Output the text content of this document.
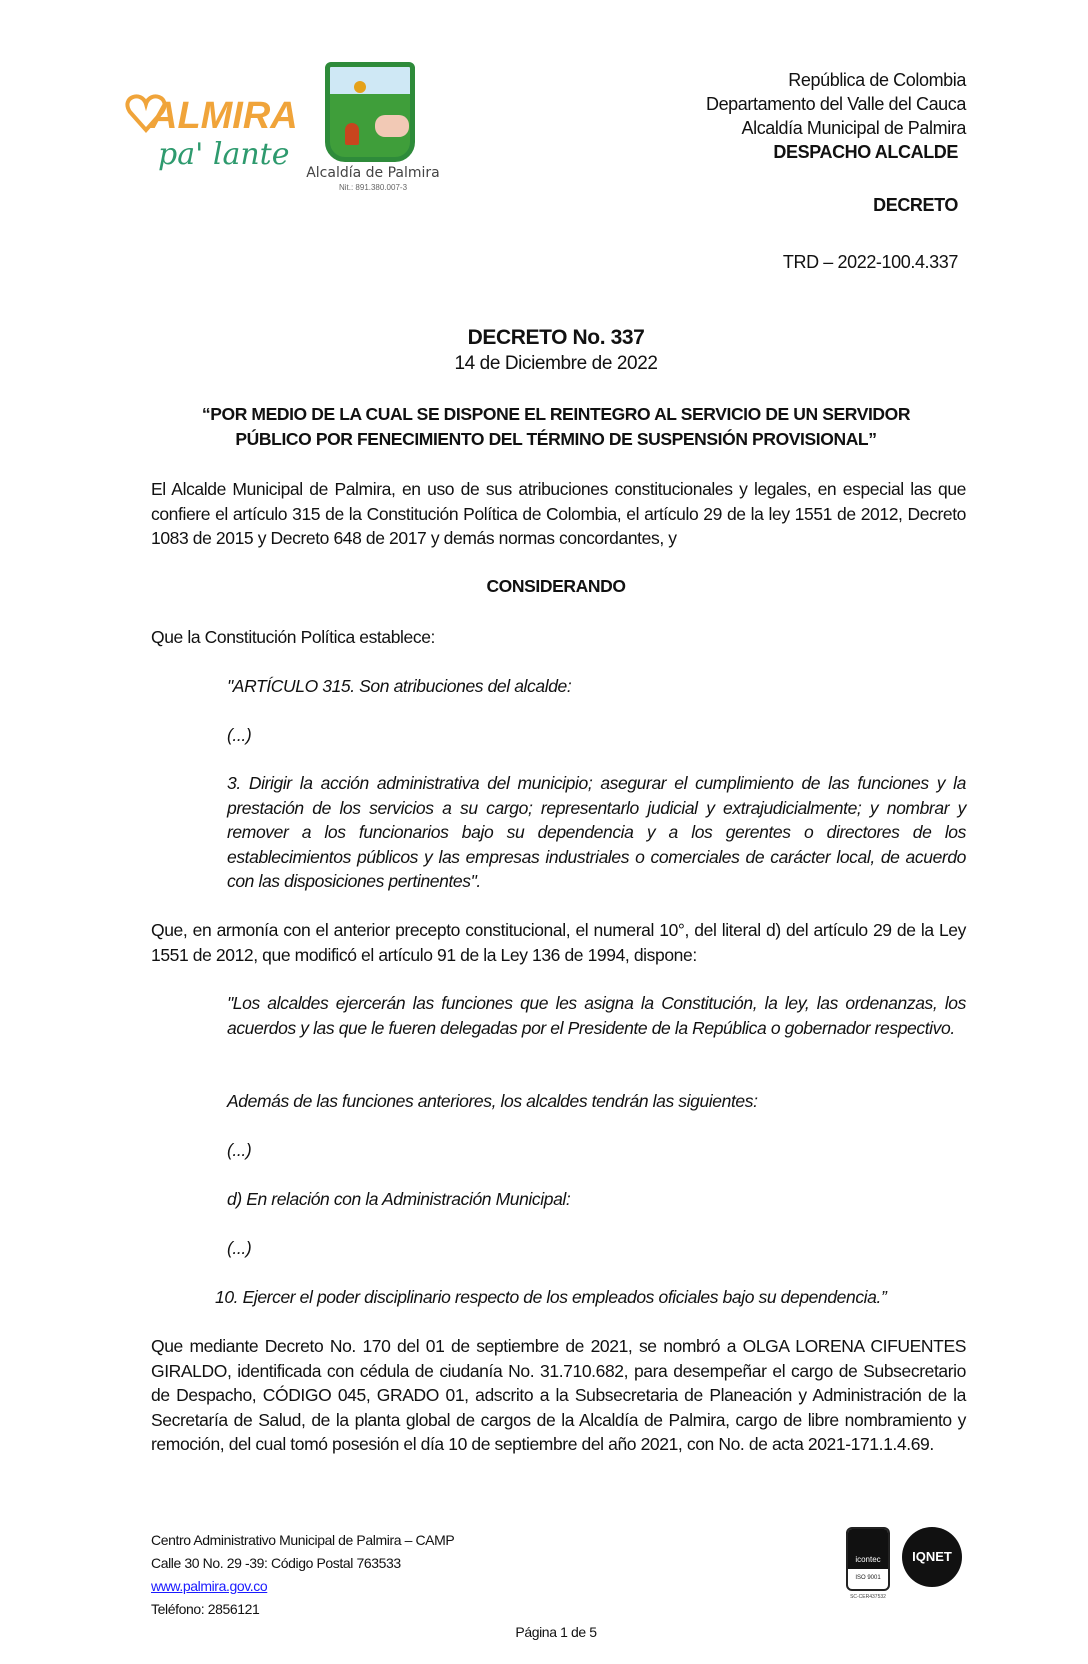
ALMIRA
pa' lante
Alcaldía de Palmira
Nit.: 891.380.007-3
República de Colombia
Departamento del Valle del Cauca
Alcaldía Municipal de Palmira
DESPACHO ALCALDE
DECRETO
TRD – 2022-100.4.337
DECRETO No. 337
14 de Diciembre de 2022
“POR MEDIO DE LA CUAL SE DISPONE EL REINTEGRO AL SERVICIO DE UN SERVIDOR
PÚBLICO POR FENECIMIENTO DEL TÉRMINO DE SUSPENSIÓN PROVISIONAL”
El Alcalde Municipal de Palmira, en uso de sus atribuciones constitucionales y legales, en especial las que confiere el artículo 315 de la Constitución Política de Colombia, el artículo 29 de la ley 1551 de 2012, Decreto 1083 de 2015 y Decreto 648 de 2017 y demás normas concordantes, y
CONSIDERANDO
Que la Constitución Política establece:
"ARTÍCULO 315. Son atribuciones del alcalde:
(...)
3. Dirigir la acción administrativa del municipio; asegurar el cumplimiento de las funciones y la prestación de los servicios a su cargo; representarlo judicial y extrajudicialmente; y nombrar y remover a los funcionarios bajo su dependencia y a los gerentes o directores de los establecimientos públicos y las empresas industriales o comerciales de carácter local, de acuerdo con las disposiciones pertinentes".
Que, en armonía con el anterior precepto constitucional, el numeral 10°, del literal d) del artículo 29 de la Ley 1551 de 2012, que modificó el artículo 91 de la Ley 136 de 1994, dispone:
"Los alcaldes ejercerán las funciones que les asigna la Constitución, la ley, las ordenanzas, los acuerdos y las que le fueren delegadas por el Presidente de la República o gobernador respectivo.
Además de las funciones anteriores, los alcaldes tendrán las siguientes:
(...)
d) En relación con la Administración Municipal:
(...)
10. Ejercer el poder disciplinario respecto de los empleados oficiales bajo su dependencia.”
Que mediante Decreto No. 170 del 01 de septiembre de 2021, se nombró a OLGA LORENA CIFUENTES GIRALDO, identificada con cédula de ciudanía No. 31.710.682, para desempeñar el cargo de Subsecretario de Despacho, CÓDIGO 045, GRADO 01, adscrito a la Subsecretaria de Planeación y Administración de la Secretaría de Salud, de la planta global de cargos de la Alcaldía de Palmira, cargo de libre nombramiento y remoción, del cual tomó posesión el día 10 de septiembre del año 2021, con No. de acta 2021-171.1.4.69.
Centro Administrativo Municipal de Palmira – CAMP
Calle 30 No. 29 -39: Código Postal 763533
www.palmira.gov.co
Teléfono: 2856121
Página 1 de 5
icontec
ISO 9001
SC-CER437532
IQNET
